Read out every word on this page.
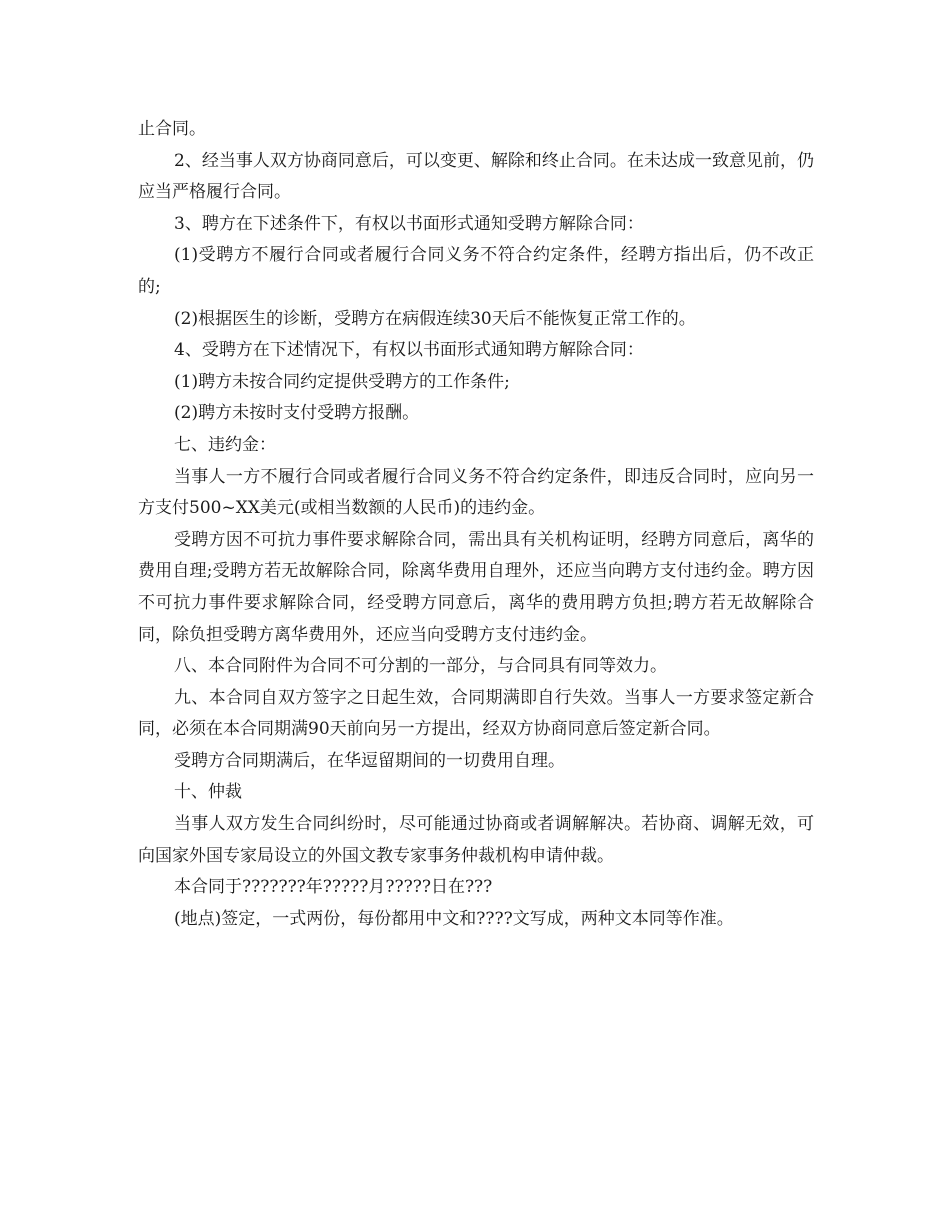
止合同。

2、经当事人双方协商同意后，可以变更、解除和终止合同。在未达成一致意见前，仍应当严格履行合同。

3、聘方在下述条件下，有权以书面形式通知受聘方解除合同：

(1)受聘方不履行合同或者履行合同义务不符合约定条件，经聘方指出后，仍不改正的;

(2)根据医生的诊断，受聘方在病假连续30天后不能恢复正常工作的。

4、受聘方在下述情况下，有权以书面形式通知聘方解除合同：

(1)聘方未按合同约定提供受聘方的工作条件;

(2)聘方未按时支付受聘方报酬。

七、违约金：

当事人一方不履行合同或者履行合同义务不符合约定条件，即违反合同时，应向另一方支付500~XX美元(或相当数额的人民币)的违约金。

受聘方因不可抗力事件要求解除合同，需出具有关机构证明，经聘方同意后，离华的费用自理;受聘方若无故解除合同，除离华费用自理外，还应当向聘方支付违约金。聘方因不可抗力事件要求解除合同，经受聘方同意后，离华的费用聘方负担;聘方若无故解除合同，除负担受聘方离华费用外，还应当向受聘方支付违约金。

八、本合同附件为合同不可分割的一部分，与合同具有同等效力。

九、本合同自双方签字之日起生效，合同期满即自行失效。当事人一方要求签定新合同，必须在本合同期满90天前向另一方提出，经双方协商同意后签定新合同。

受聘方合同期满后，在华逗留期间的一切费用自理。

十、仲裁

当事人双方发生合同纠纷时，尽可能通过协商或者调解解决。若协商、调解无效，可向国家外国专家局设立的外国文教专家事务仲裁机构申请仲裁。

本合同于???????年?????月?????日在???

(地点)签定，一式两份，每份都用中文和????文写成，两种文本同等作准。
